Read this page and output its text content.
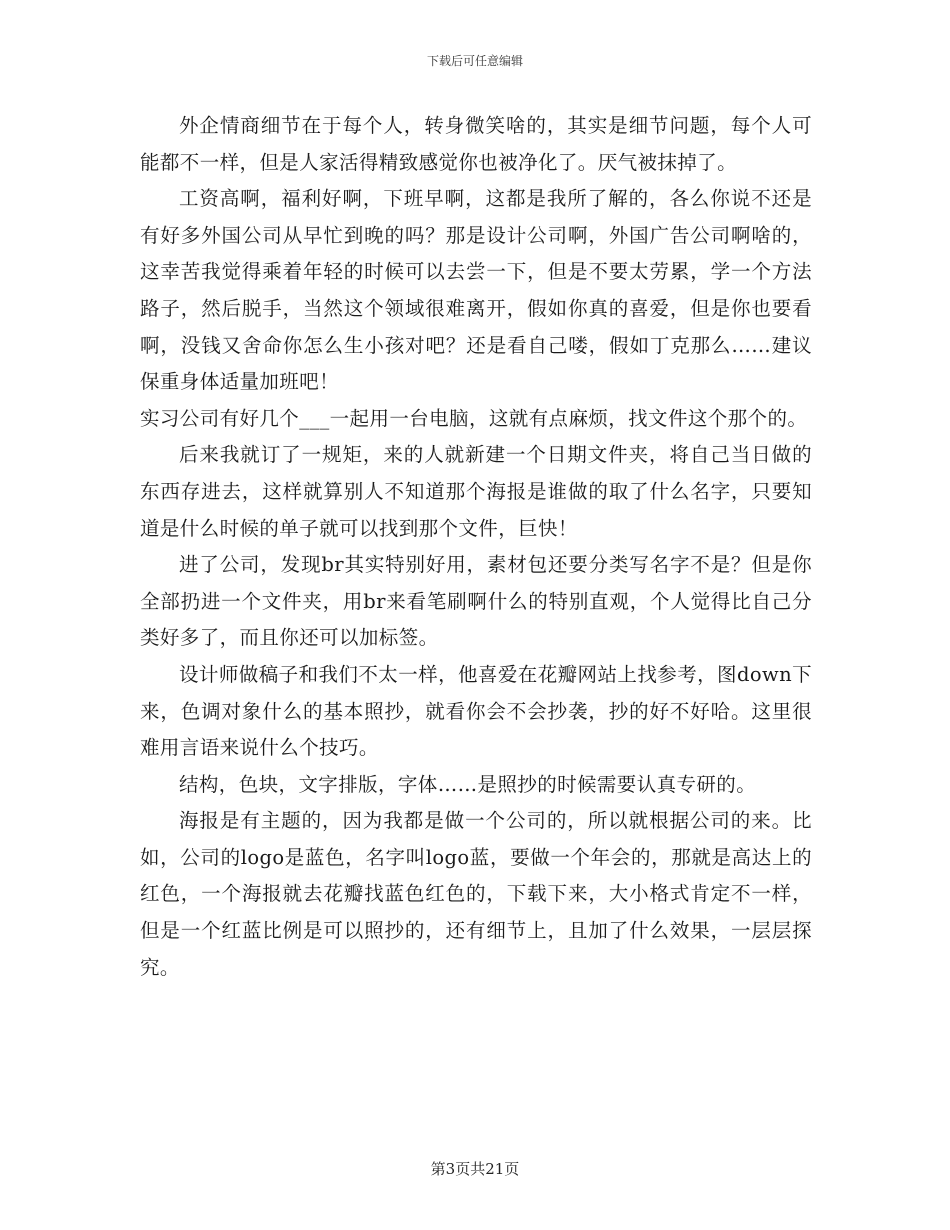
下载后可任意编辑

外企情商细节在于每个人，转身微笑啥的，其实是细节问题，每个人可能都不一样，但是人家活得精致感觉你也被净化了。厌气被抹掉了。

工资高啊，福利好啊，下班早啊，这都是我所了解的，各么你说不还是有好多外国公司从早忙到晚的吗？那是设计公司啊，外国广告公司啊啥的，这幸苦我觉得乘着年轻的时候可以去尝一下，但是不要太劳累，学一个方法路子，然后脱手，当然这个领域很难离开，假如你真的喜爱，但是你也要看啊，没钱又舍命你怎么生小孩对吧？还是看自己喽，假如丁克那么……建议保重身体适量加班吧！

实习公司有好几个___一起用一台电脑，这就有点麻烦，找文件这个那个的。

后来我就订了一规矩，来的人就新建一个日期文件夹，将自己当日做的东西存进去，这样就算别人不知道那个海报是谁做的取了什么名字，只要知道是什么时候的单子就可以找到那个文件，巨快！

进了公司，发现br其实特别好用，素材包还要分类写名字不是？但是你全部扔进一个文件夹，用br来看笔刷啊什么的特别直观，个人觉得比自己分类好多了，而且你还可以加标签。

设计师做稿子和我们不太一样，他喜爱在花瓣网站上找参考，图down下来，色调对象什么的基本照抄，就看你会不会抄袭，抄的好不好哈。这里很难用言语来说什么个技巧。

结构，色块，文字排版，字体……是照抄的时候需要认真专研的。

海报是有主题的，因为我都是做一个公司的，所以就根据公司的来。比如，公司的logo是蓝色，名字叫logo蓝，要做一个年会的，那就是高达上的红色，一个海报就去花瓣找蓝色红色的，下载下来，大小格式肯定不一样，但是一个红蓝比例是可以照抄的，还有细节上，且加了什么效果，一层层探究。

第3页共21页
